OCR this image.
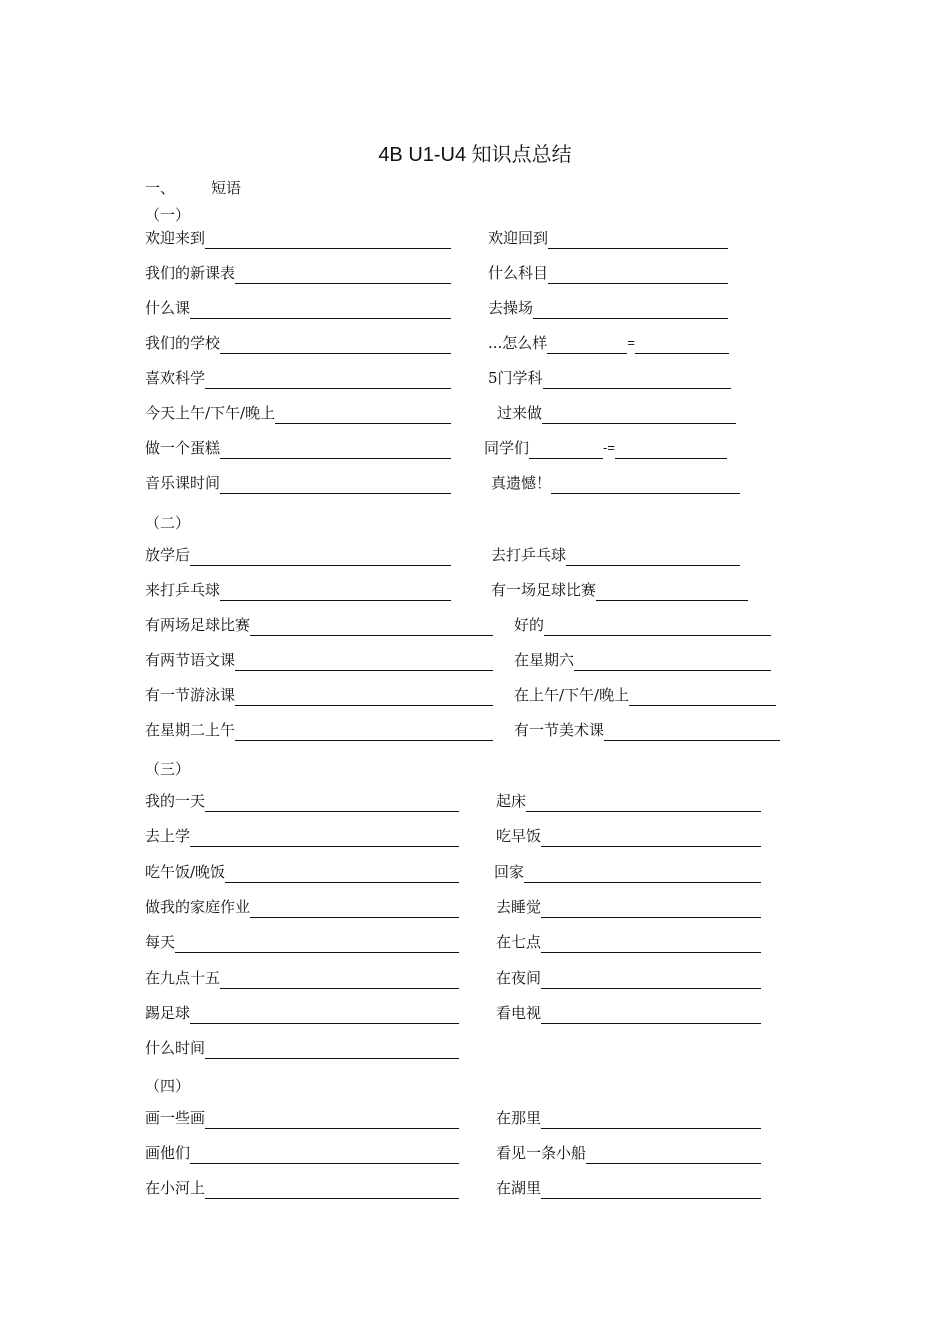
4B U1-U4 知识点总结
一、 短语
（一）
欢迎来到
我们的新课表
什么课
我们的学校
喜欢科学
今天上午/下午/晚上
做一个蛋糕
音乐课时间
欢迎回到
什么科目
去操场
...怎么样	=
5门学科
过来做
同学们	-=
真遗憾！
（二）
放学后
来打乒乓球
有两场足球比赛
有两节语文课
有一节游泳课
在星期二上午
去打乒乓球
有一场足球比赛
好的
在星期六
在上午/下午/晚上
有一节美术课
（三）
我的一天
去上学
吃午饭/晚饭
做我的家庭作业
每天
在九点十五
踢足球
什么时间
起床
吃早饭
回家
去睡觉
在七点
在夜间
看电视
（四）
画一些画
画他们
在小河上
在那里
看见一条小船
在湖里
